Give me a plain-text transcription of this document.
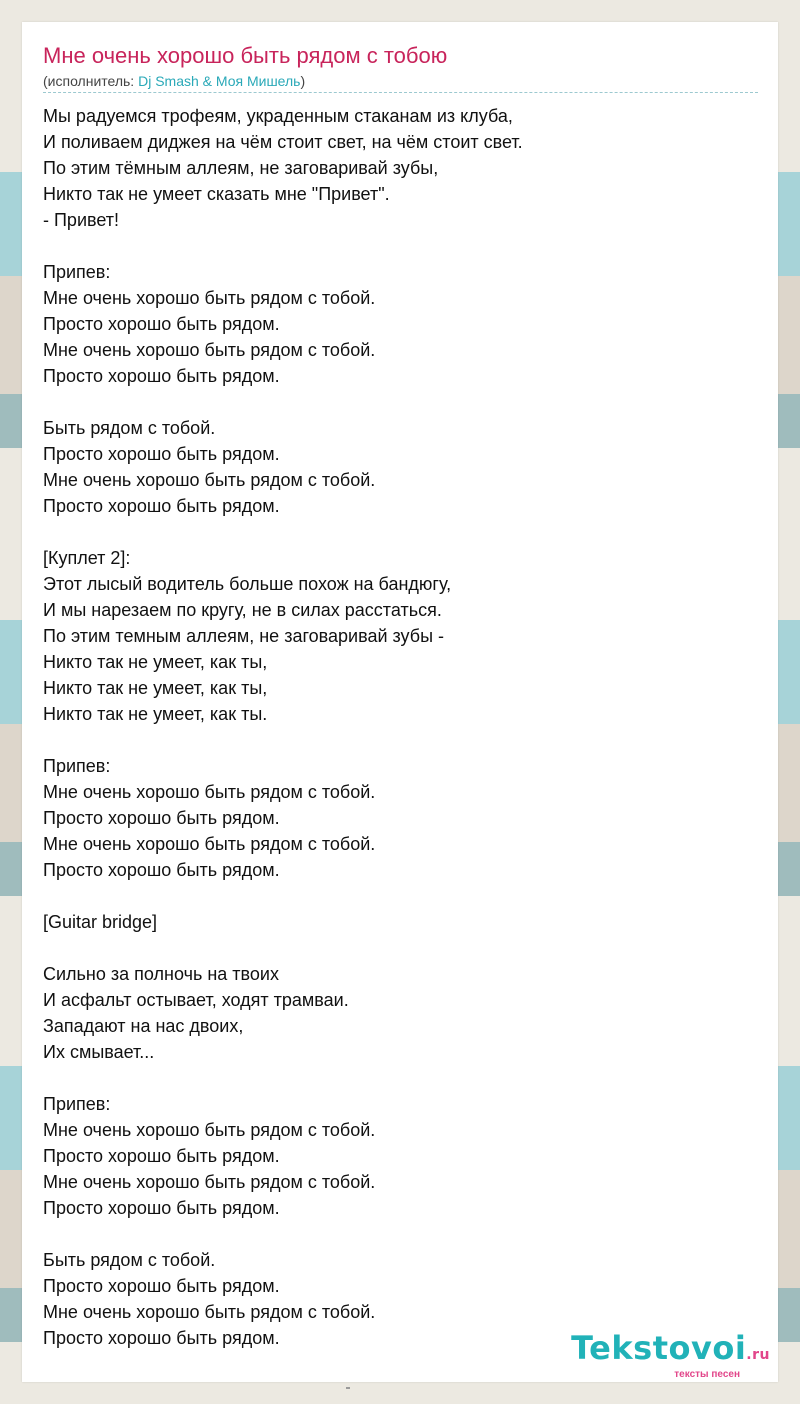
Мне очень хорошо быть рядом с тобою
(исполнитель: Dj Smash & Моя Мишель)
Мы радуемся трофеям, украденным стаканам из клуба,
И поливаем диджея на чём стоит свет, на чём стоит свет.
По этим тёмным аллеям, не заговаривай зубы,
Никто так не умеет сказать мне "Привет".
- Привет!

Припев:
Мне очень хорошо быть рядом с тобой.
Просто хорошо быть рядом.
Мне очень хорошо быть рядом с тобой.
Просто хорошо быть рядом.

Быть рядом с тобой.
Просто хорошо быть рядом.
Мне очень хорошо быть рядом с тобой.
Просто хорошо быть рядом.

[Куплет 2]:
Этот лысый водитель больше похож на бандюгу,
И мы нарезаем по кругу, не в силах расстаться.
По этим темным аллеям, не заговаривай зубы -
Никто так не умеет, как ты,
Никто так не умеет, как ты,
Никто так не умеет, как ты.

Припев:
Мне очень хорошо быть рядом с тобой.
Просто хорошо быть рядом.
Мне очень хорошо быть рядом с тобой.
Просто хорошо быть рядом.

[Guitar bridge]

Сильно за полночь на твоих
И асфальт остывает, ходят трамваи.
Западают на нас двоих,
Их смывает...

Припев:
Мне очень хорошо быть рядом с тобой.
Просто хорошо быть рядом.
Мне очень хорошо быть рядом с тобой.
Просто хорошо быть рядом.

Быть рядом с тобой.
Просто хорошо быть рядом.
Мне очень хорошо быть рядом с тобой.
Просто хорошо быть рядом.	Tekstovoi.ru
тексты песен
